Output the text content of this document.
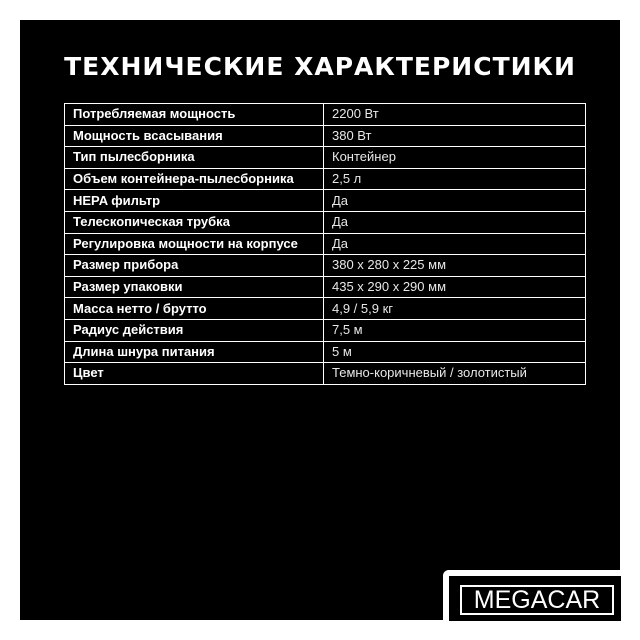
ТЕХНИЧЕСКИЕ ХАРАКТЕРИСТИКИ
Потребляемая мощность	2200 Вт
Мощность всасывания	380 Вт
Тип пылесборника	Контейнер
Объем контейнера-пылесборника	2,5 л
HEPA фильтр	Да
Телескопическая трубка	Да
Регулировка мощности на корпусе	Да
Размер прибора	380 х 280 х 225 мм
Размер упаковки	435 х 290 х 290 мм
Масса нетто / брутто	4,9 / 5,9 кг
Радиус действия	7,5 м
Длина шнура питания	5 м
Цвет	Темно-коричневый / золотистый
MEGACAR
